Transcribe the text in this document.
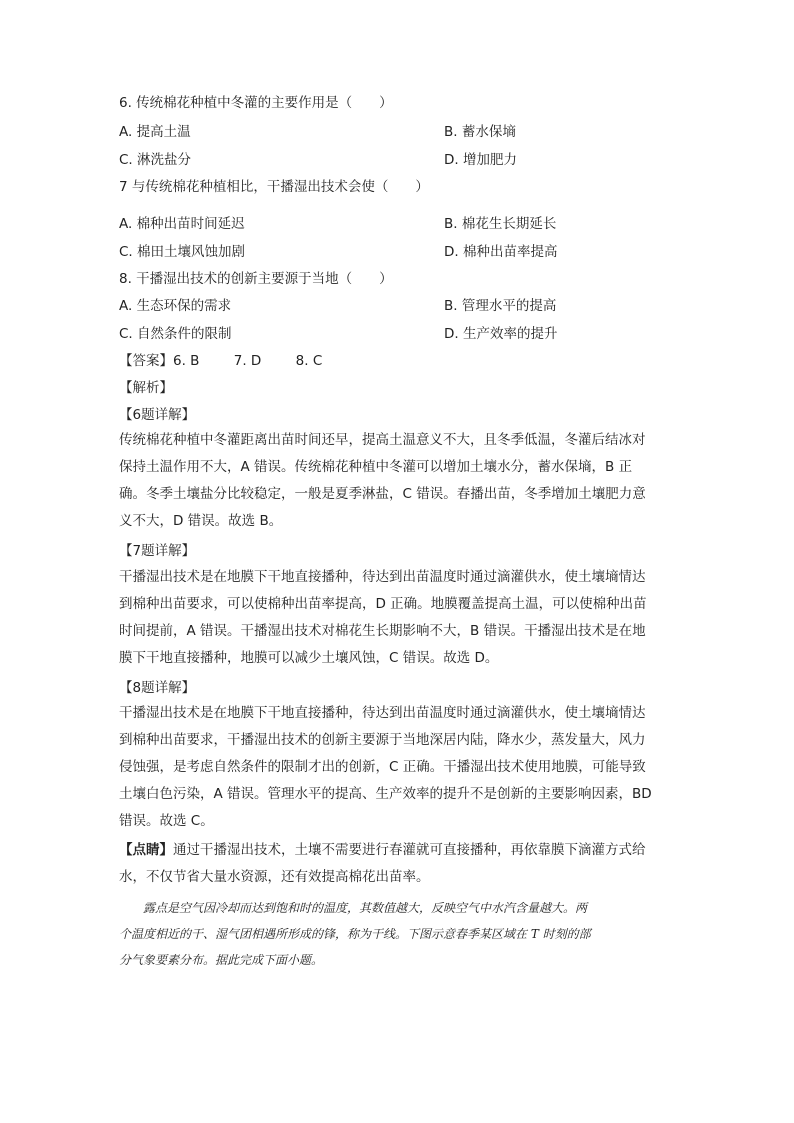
6. 传统棉花种植中冬灌的主要作用是（　　）
A. 提高土温	B. 蓄水保墒
C. 淋洗盐分	D. 增加肥力
7 与传统棉花种植相比，干播湿出技术会使（　　）
A. 棉种出苗时间延迟	B. 棉花生长期延长
C. 棉田土壤风蚀加剧	D. 棉种出苗率提高
8. 干播湿出技术的创新主要源于当地（　　）
A. 生态环保的需求	B. 管理水平的提高
C. 自然条件的限制	D. 生产效率的提升
【答案】6. B        7. D        8. C
【解析】
【6题详解】
传统棉花种植中冬灌距离出苗时间还早，提高土温意义不大，且冬季低温，冬灌后结冰对
保持土温作用不大，A 错误。传统棉花种植中冬灌可以增加土壤水分，蓄水保墒，B 正
确。冬季土壤盐分比较稳定，一般是夏季淋盐，C 错误。春播出苗，冬季增加土壤肥力意
义不大，D 错误。故选 B。
【7题详解】
干播湿出技术是在地膜下干地直接播种，待达到出苗温度时通过滴灌供水，使土壤墒情达
到棉种出苗要求，可以使棉种出苗率提高，D 正确。地膜覆盖提高土温，可以使棉种出苗
时间提前，A 错误。干播湿出技术对棉花生长期影响不大，B 错误。干播湿出技术是在地
膜下干地直接播种，地膜可以减少土壤风蚀，C 错误。故选 D。
【8题详解】
干播湿出技术是在地膜下干地直接播种，待达到出苗温度时通过滴灌供水，使土壤墒情达
到棉种出苗要求，干播湿出技术的创新主要源于当地深居内陆，降水少，蒸发量大，风力
侵蚀强，是考虑自然条件的限制才出的创新，C 正确。干播湿出技术使用地膜，可能导致
土壤白色污染，A 错误。管理水平的提高、生产效率的提升不是创新的主要影响因素，BD
错误。故选 C。
【点睛】通过干播湿出技术，土壤不需要进行春灌就可直接播种，再依靠膜下滴灌方式给
水，不仅节省大量水资源，还有效提高棉花出苗率。
　　露点是空气因冷却而达到饱和时的温度，其数值越大，反映空气中水汽含量越大。两
个温度相近的干、湿气团相遇所形成的锋，称为干线。下图示意春季某区域在 T 时刻的部
分气象要素分布。据此完成下面小题。
